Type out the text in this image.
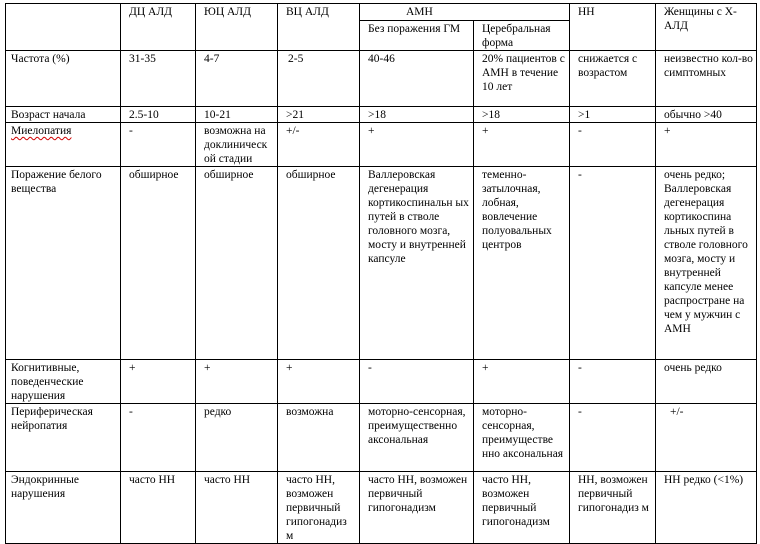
	ДЦ АЛД	ЮЦ АЛД	ВЦ АЛД	АМН		НН	Женщины с Х-АЛД
				Без поражения ГМ	Церебральная форма		
Частота (%)	31-35	4-7	2-5	40-46	20% пациентов с АМН в течение 10 лет	снижается с возрастом	неизвестно кол-во симптомных
Возраст начала	2.5-10	10-21	>21	>18	>18	>1	обычно >40
Миелопатия	-	возможна на доклиническ ой стадии	+/-	+	+	-	+
Поражение белого вещества	обширное	обширное	обширное	Валлеровская дегенерация кортикоспинальн ых путей в стволе головного мозга, мосту и внутренней капсуле	теменно-затылочная, лобная, вовлечение полуовальных центров	-	очень редко; Валлеровская дегенерация кортикоспина льных путей в стволе головного мозга, мосту и внутренней капсуле менее распростране на чем у мужчин с АМН
Когнитивные, поведенческие нарушения	+	+	+	-	+	-	очень редко
Периферическая нейропатия	-	редко	возможна	моторно-сенсорная, преимущественно аксональная	моторно-сенсорная, преимуществе нно аксональная	-	+/-
Эндокринные нарушения	часто НН	часто НН	часто НН, возможен первичный гипогонадиз м	часто НН, возможен первичный гипогонадизм	часто НН, возможен первичный гипогонадизм	НН, возможен первичный гипогонадиз м	НН редко (<1%)
